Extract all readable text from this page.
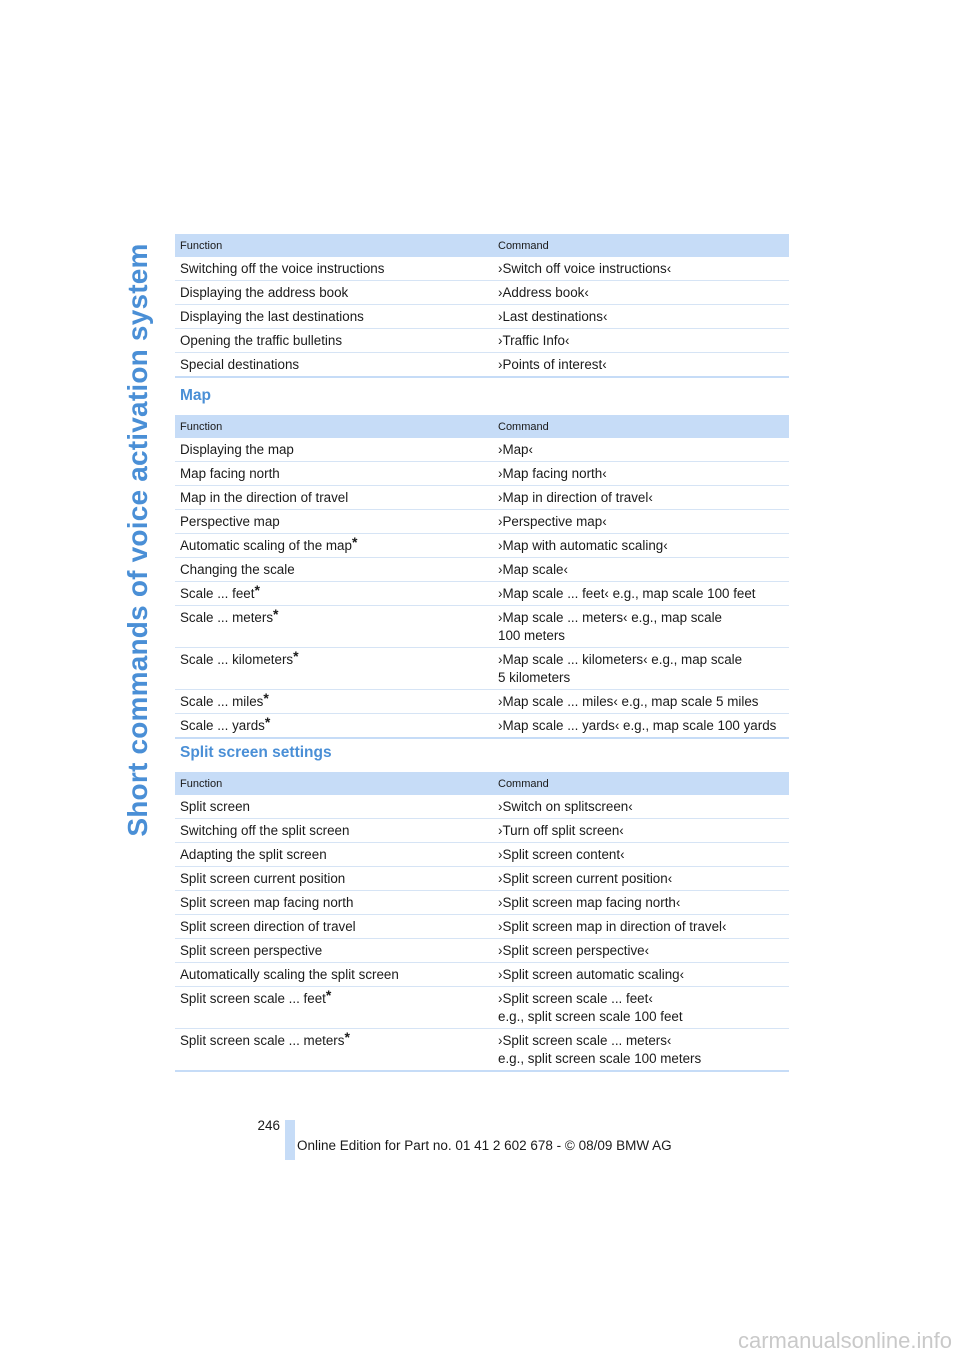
Short commands of voice activation system Function	Command
Switching off the voice instructions	›Switch off voice instructions‹
Displaying the address book	›Address book‹
Displaying the last destinations	›Last destinations‹
Opening the traffic bulletins	›Traffic Info‹
Special destinations	›Points of interest‹
Map
Function	Command
Displaying the map	›Map‹
Map facing north	›Map facing north‹
Map in the direction of travel	›Map in direction of travel‹
Perspective map	›Perspective map‹
Automatic scaling of the map*	›Map with automatic scaling‹
Changing the scale	›Map scale‹
Scale ... feet*	›Map scale ... feet‹ e.g., map scale 100 feet
Scale ... meters*	›Map scale ... meters‹ e.g., map scale
100 meters
Scale ... kilometers*	›Map scale ... kilometers‹ e.g., map scale
5 kilometers
Scale ... miles*	›Map scale ... miles‹ e.g., map scale 5 miles
Scale ... yards*	›Map scale ... yards‹ e.g., map scale 100 yards
Split screen settings
Function	Command
Split screen	›Switch on splitscreen‹
Switching off the split screen	›Turn off split screen‹
Adapting the split screen	›Split screen content‹
Split screen current position	›Split screen current position‹
Split screen map facing north	›Split screen map facing north‹
Split screen direction of travel	›Split screen map in direction of travel‹
Split screen perspective	›Split screen perspective‹
Automatically scaling the split screen	›Split screen automatic scaling‹
Split screen scale ... feet*	›Split screen scale ... feet‹
e.g., split screen scale 100 feet
Split screen scale ... meters*	›Split screen scale ... meters‹
e.g., split screen scale 100 meters
246
Online Edition for Part no. 01 41 2 602 678 - © 08/09 BMW AG
carmanualsonline.info
